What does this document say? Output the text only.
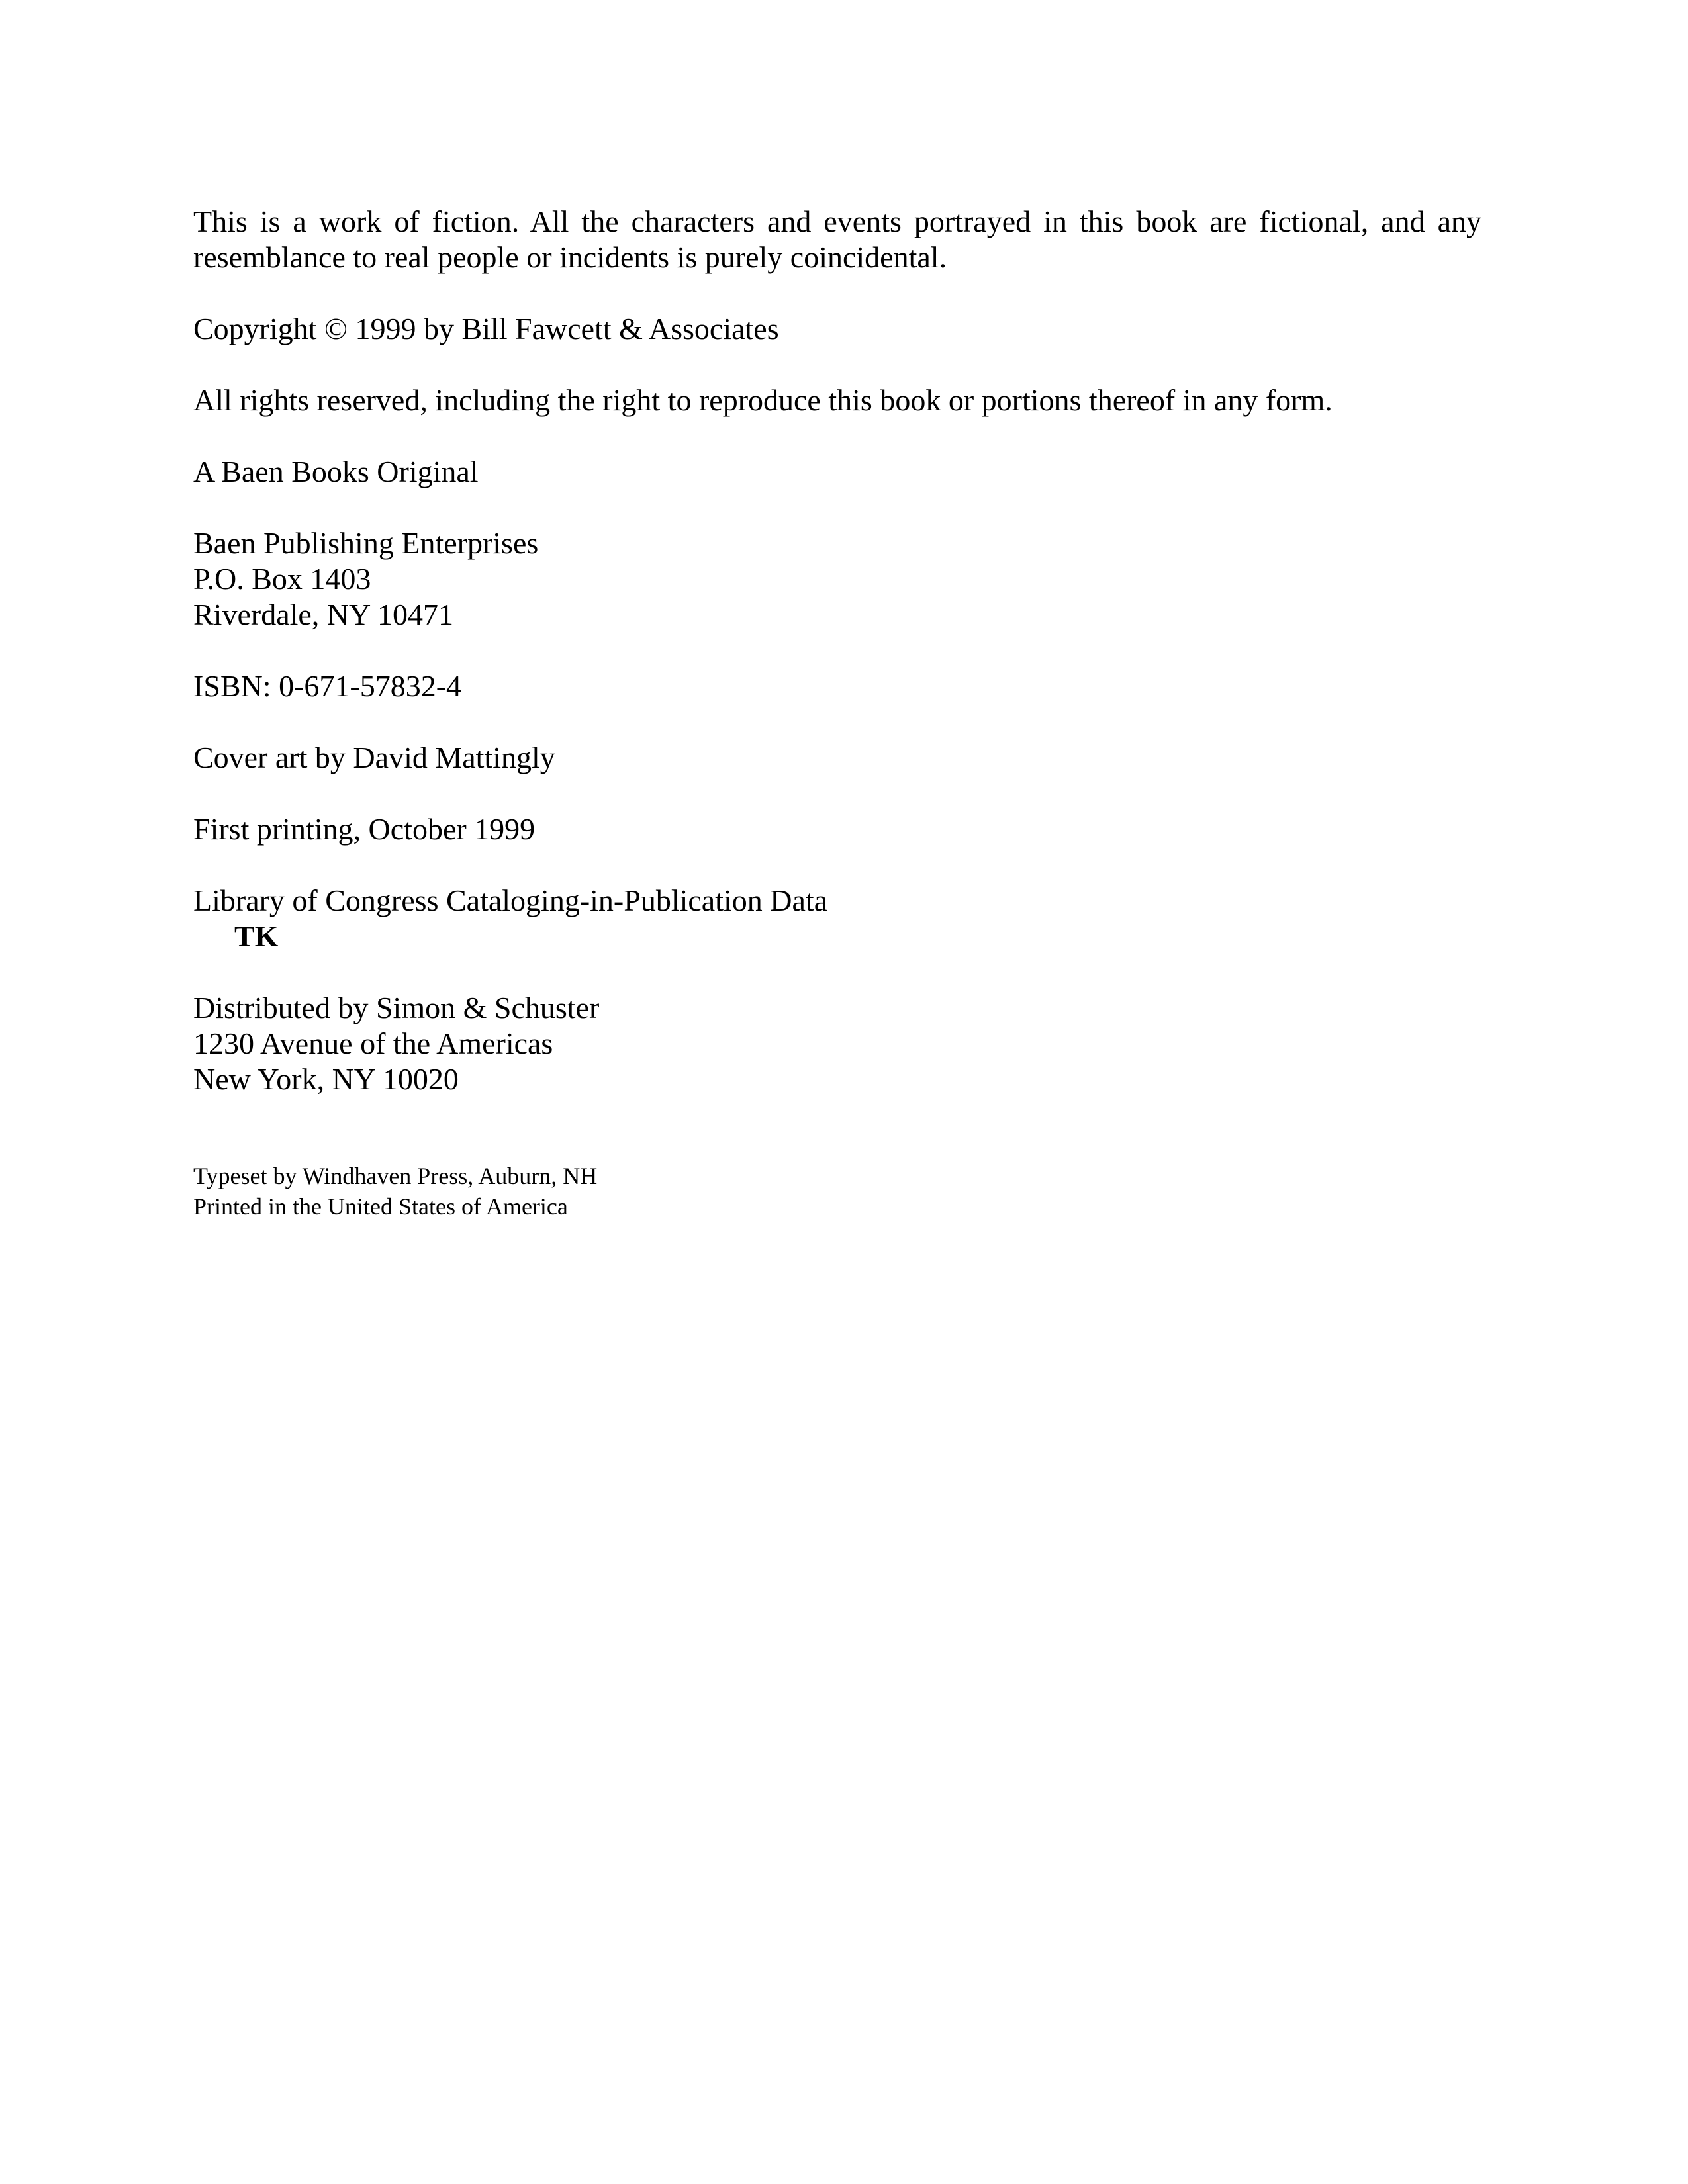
This is a work of fiction. All the characters and events portrayed in this book are fictional, and any resemblance to real people or incidents is purely coincidental.

Copyright © 1999 by Bill Fawcett & Associates

All rights reserved, including the right to reproduce this book or portions thereof in any form.

A Baen Books Original

Baen Publishing Enterprises

P.O. Box 1403

Riverdale, NY 10471

ISBN: 0-671-57832-4

Cover art by David Mattingly

First printing, October 1999

Library of Congress Cataloging-in-Publication Data

TK

Distributed by Simon & Schuster

1230 Avenue of the Americas

New York, NY 10020

Typeset by Windhaven Press, Auburn, NH

Printed in the United States of America
